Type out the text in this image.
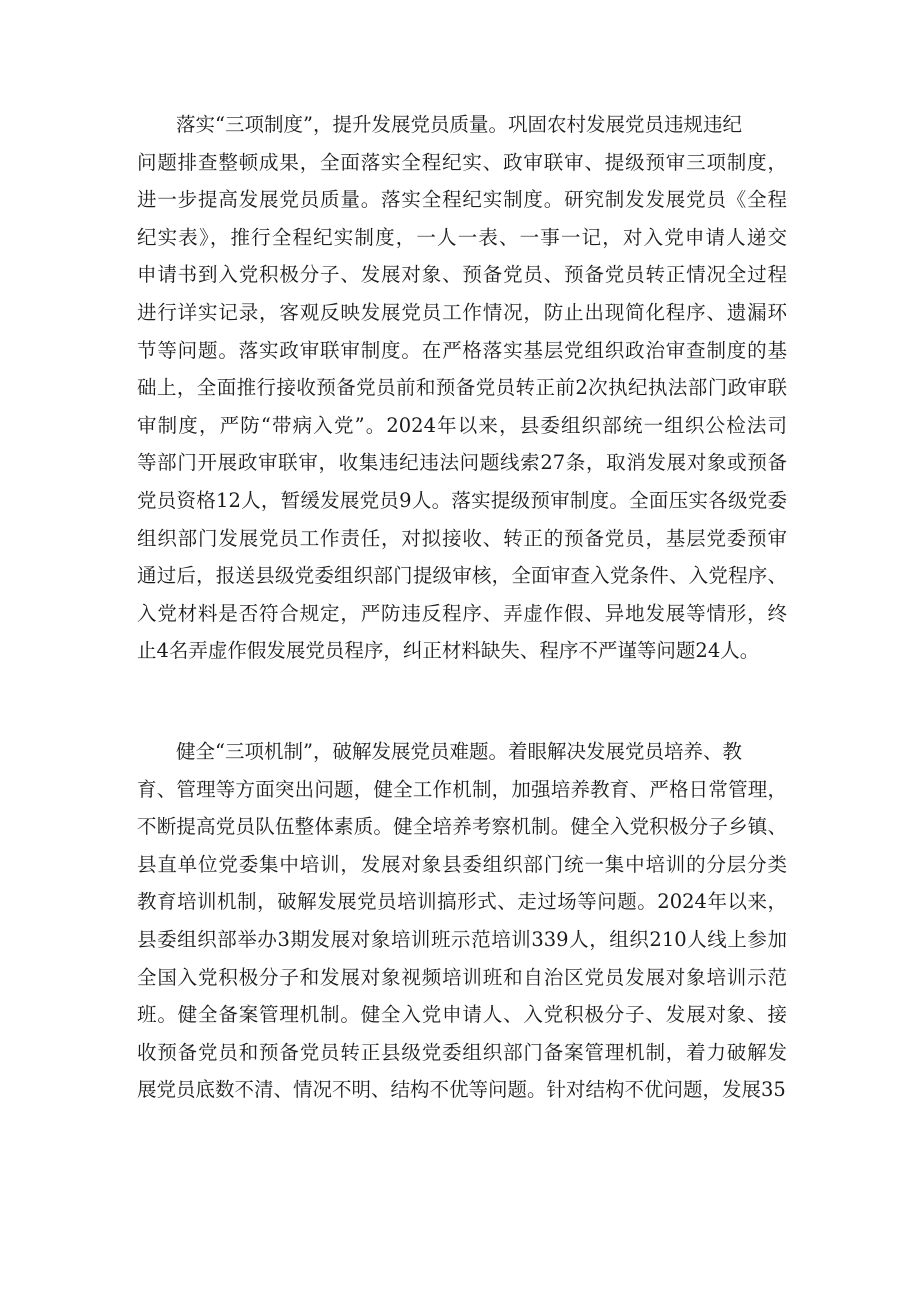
落实“三项制度”，提升发展党员质量。巩固农村发展党员违规违纪
问题排查整顿成果，全面落实全程纪实、政审联审、提级预审三项制度，
进一步提高发展党员质量。落实全程纪实制度。研究制发发展党员《全程
纪实表》，推行全程纪实制度，一人一表、一事一记，对入党申请人递交
申请书到入党积极分子、发展对象、预备党员、预备党员转正情况全过程
进行详实记录，客观反映发展党员工作情况，防止出现简化程序、遗漏环
节等问题。落实政审联审制度。在严格落实基层党组织政治审查制度的基
础上，全面推行接收预备党员前和预备党员转正前2次执纪执法部门政审联
审制度，严防“带病入党”。2024年以来，县委组织部统一组织公检法司
等部门开展政审联审，收集违纪违法问题线索27条，取消发展对象或预备
党员资格12人，暂缓发展党员9人。落实提级预审制度。全面压实各级党委
组织部门发展党员工作责任，对拟接收、转正的预备党员，基层党委预审
通过后，报送县级党委组织部门提级审核，全面审查入党条件、入党程序、
入党材料是否符合规定，严防违反程序、弄虚作假、异地发展等情形，终
止4名弄虚作假发展党员程序，纠正材料缺失、程序不严谨等问题24人。
健全“三项机制”，破解发展党员难题。着眼解决发展党员培养、教
育、管理等方面突出问题，健全工作机制，加强培养教育、严格日常管理，
不断提高党员队伍整体素质。健全培养考察机制。健全入党积极分子乡镇、
县直单位党委集中培训，发展对象县委组织部门统一集中培训的分层分类
教育培训机制，破解发展党员培训搞形式、走过场等问题。2024年以来，
县委组织部举办3期发展对象培训班示范培训339人，组织210人线上参加
全国入党积极分子和发展对象视频培训班和自治区党员发展对象培训示范
班。健全备案管理机制。健全入党申请人、入党积极分子、发展对象、接
收预备党员和预备党员转正县级党委组织部门备案管理机制，着力破解发
展党员底数不清、情况不明、结构不优等问题。针对结构不优问题，发展35
